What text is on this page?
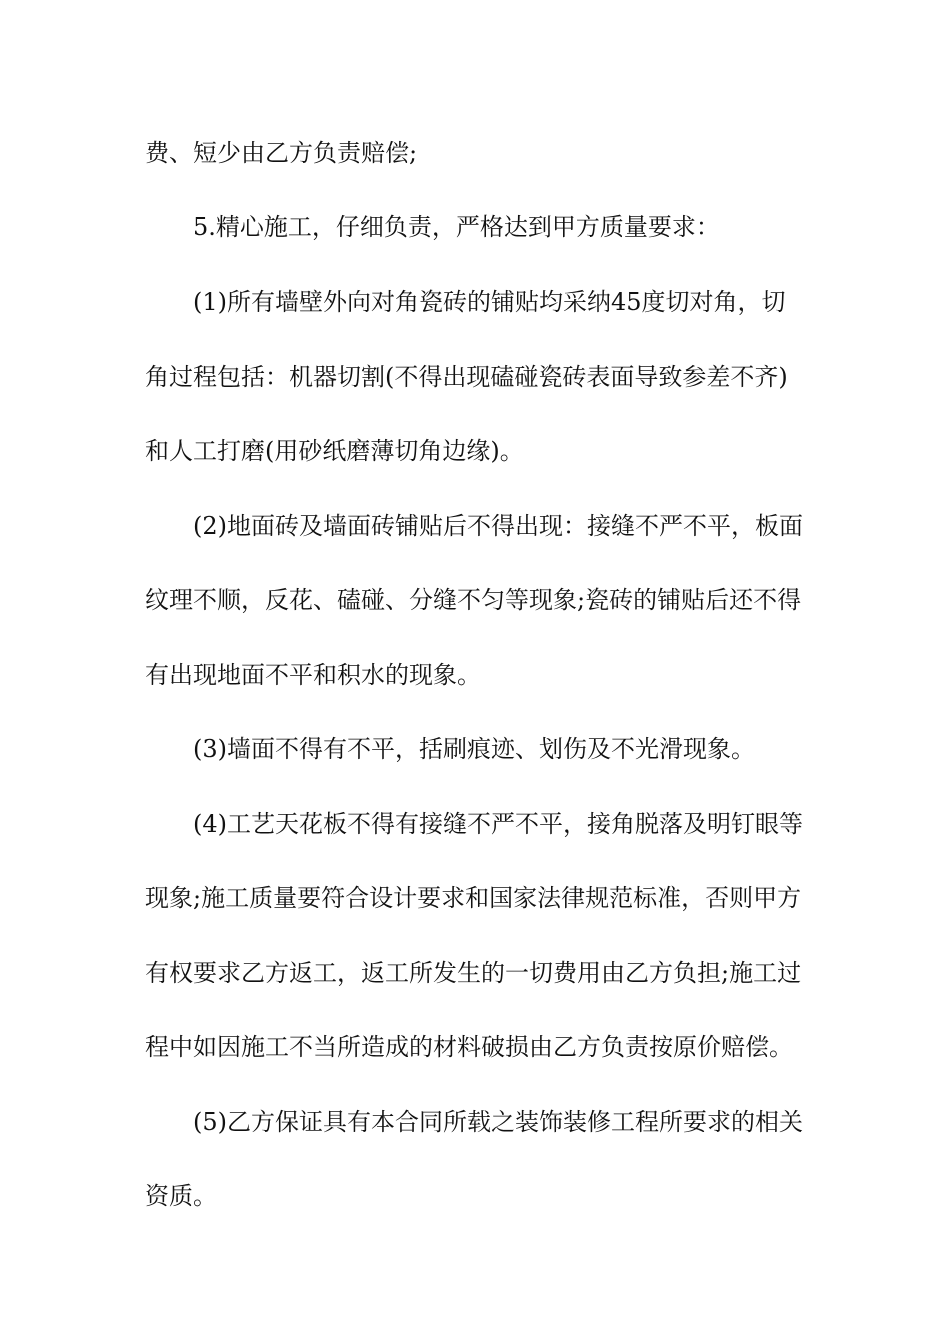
费、短少由乙方负责赔偿;
5.精心施工，仔细负责，严格达到甲方质量要求：
(1)所有墙壁外向对角瓷砖的铺贴均采纳45度切对角，切
角过程包括：机器切割(不得出现磕碰瓷砖表面导致参差不齐)
和人工打磨(用砂纸磨薄切角边缘)。
(2)地面砖及墙面砖铺贴后不得出现：接缝不严不平，板面
纹理不顺，反花、磕碰、分缝不匀等现象;瓷砖的铺贴后还不得
有出现地面不平和积水的现象。
(3)墙面不得有不平，括刷痕迹、划伤及不光滑现象。
(4)工艺天花板不得有接缝不严不平，接角脱落及明钉眼等
现象;施工质量要符合设计要求和国家法律规范标准，否则甲方
有权要求乙方返工，返工所发生的一切费用由乙方负担;施工过
程中如因施工不当所造成的材料破损由乙方负责按原价赔偿。
(5)乙方保证具有本合同所载之装饰装修工程所要求的相关
资质。
